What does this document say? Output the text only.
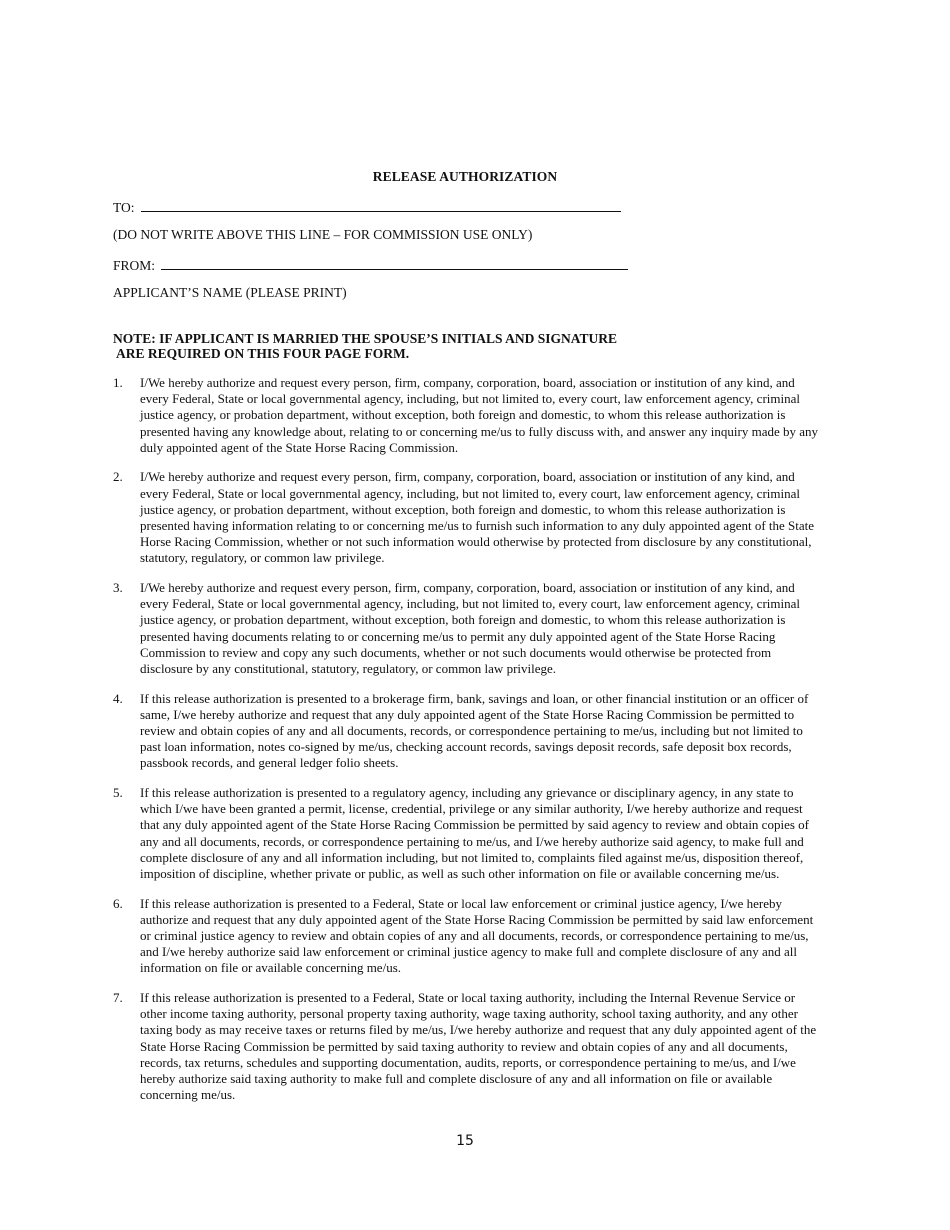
RELEASE AUTHORIZATION
TO:
(DO NOT WRITE ABOVE THIS LINE – FOR COMMISSION USE ONLY)
FROM:
APPLICANT’S NAME (PLEASE PRINT)
NOTE: IF APPLICANT IS MARRIED THE SPOUSE’S INITIALS AND SIGNATURE
ARE REQUIRED ON THIS FOUR PAGE FORM.
1. I/We hereby authorize and request every person, firm, company, corporation, board, association or institution of any kind, and every Federal, State or local governmental agency, including, but not limited to, every court, law enforcement agency, criminal justice agency, or probation department, without exception, both foreign and domestic, to whom this release authorization is presented having any knowledge about, relating to or concerning me/us to fully discuss with, and answer any inquiry made by any duly appointed agent of the State Horse Racing Commission.
2. I/We hereby authorize and request every person, firm, company, corporation, board, association or institution of any kind, and every Federal, State or local governmental agency, including, but not limited to, every court, law enforcement agency, criminal justice agency, or probation department, without exception, both foreign and domestic, to whom this release authorization is presented having information relating to or concerning me/us to furnish such information to any duly appointed agent of the State Horse Racing Commission, whether or not such information would otherwise by protected from disclosure by any constitutional, statutory, regulatory, or common law privilege.
3. I/We hereby authorize and request every person, firm, company, corporation, board, association or institution of any kind, and every Federal, State or local governmental agency, including, but not limited to, every court, law enforcement agency, criminal justice agency, or probation department, without exception, both foreign and domestic, to whom this release authorization is presented having documents relating to or concerning me/us to permit any duly appointed agent of the State Horse Racing Commission to review and copy any such documents, whether or not such documents would otherwise be protected from disclosure by any constitutional, statutory, regulatory, or common law privilege.
4. If this release authorization is presented to a brokerage firm, bank, savings and loan, or other financial institution or an officer of same, I/we hereby authorize and request that any duly appointed agent of the State Horse Racing Commission be permitted to review and obtain copies of any and all documents, records, or correspondence pertaining to me/us, including but not limited to past loan information, notes co-signed by me/us, checking account records, savings deposit records, safe deposit box records, passbook records, and general ledger folio sheets.
5. If this release authorization is presented to a regulatory agency, including any grievance or disciplinary agency, in any state to which I/we have been granted a permit, license, credential, privilege or any similar authority, I/we hereby authorize and request that any duly appointed agent of the State Horse Racing Commission be permitted by said agency to review and obtain copies of any and all documents, records, or correspondence pertaining to me/us, and I/we hereby authorize said agency, to make full and complete disclosure of any and all information including, but not limited to, complaints filed against me/us, disposition thereof, imposition of discipline, whether private or public, as well as such other information on file or available concerning me/us.
6. If this release authorization is presented to a Federal, State or local law enforcement or criminal justice agency, I/we hereby authorize and request that any duly appointed agent of the State Horse Racing Commission be permitted by said law enforcement or criminal justice agency to review and obtain copies of any and all documents, records, or correspondence pertaining to me/us, and I/we hereby authorize said law enforcement or criminal justice agency to make full and complete disclosure of any and all information on file or available concerning me/us.
7. If this release authorization is presented to a Federal, State or local taxing authority, including the Internal Revenue Service or other income taxing authority, personal property taxing authority, wage taxing authority, school taxing authority, and any other taxing body as may receive taxes or returns filed by me/us, I/we hereby authorize and request that any duly appointed agent of the State Horse Racing Commission be permitted by said taxing authority to review and obtain copies of any and all documents, records, tax returns, schedules and supporting documentation, audits, reports, or correspondence pertaining to me/us, and I/we hereby authorize said taxing authority to make full and complete disclosure of any and all information on file or available concerning me/us.
15
